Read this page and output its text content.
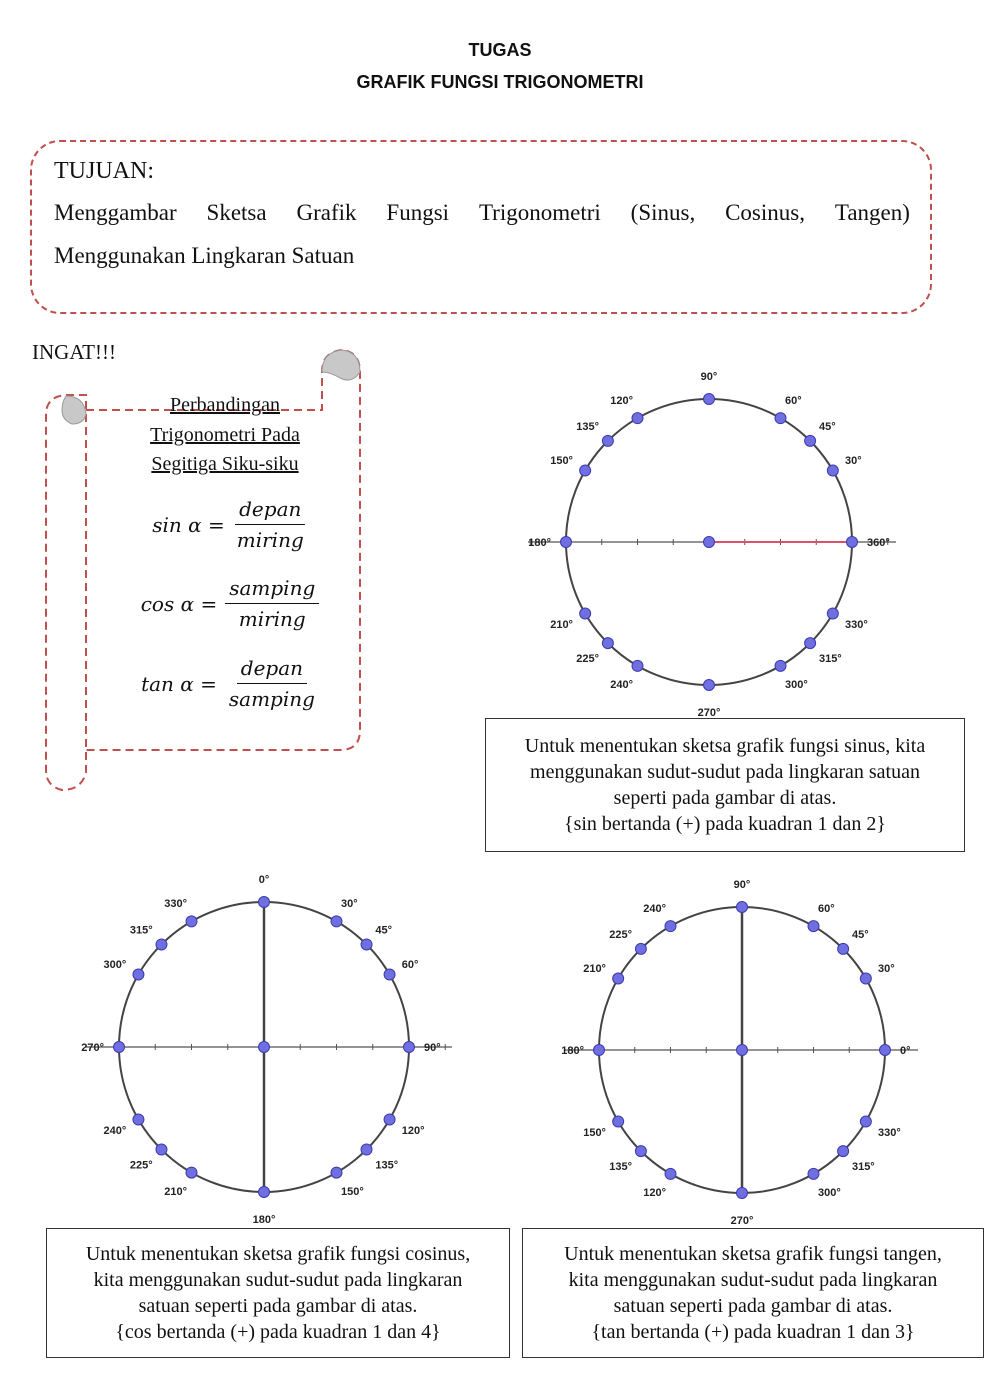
TUGAS
GRAFIK FUNGSI TRIGONOMETRI
TUJUAN:
Menggambar Sketsa Grafik Fungsi Trigonometri (Sinus, Cosinus, Tangen)
Menggunakan Lingkaran Satuan
INGAT!!!
Perbandingan
Trigonometri Pada
Segitiga Siku-siku
$\sin \alpha = \frac{\text{depan}}{\text{miring}}$
$\cos \alpha = \frac{\text{samping}}{\text{miring}}$
$\tan \alpha = \frac{\text{depan}}{\text{samping}}$
90°
60°
45°
30°
360°
330°
315°
300°
270°
240°
225°
210°
180°
150°
135°
120°
0°
30°
45°
60°
90°
120°
135°
150°
180°
210°
225°
240°
270°
300°
315°
330°
90°
60°
45°
30°
0°
330°
315°
300°
270°
120°
135°
150°
180°
210°
225°
240°
Untuk menentukan sketsa grafik fungsi sinus, kita
menggunakan sudut-sudut pada lingkaran satuan
seperti pada gambar di atas.
{sin bertanda (+) pada kuadran 1 dan 2}
Untuk menentukan sketsa grafik fungsi cosinus,
kita menggunakan sudut-sudut pada lingkaran
satuan seperti pada gambar di atas.
{cos bertanda (+) pada kuadran 1 dan 4}
Untuk menentukan sketsa grafik fungsi tangen,
kita menggunakan sudut-sudut pada lingkaran
satuan seperti pada gambar di atas.
{tan bertanda (+) pada kuadran 1 dan 3}
